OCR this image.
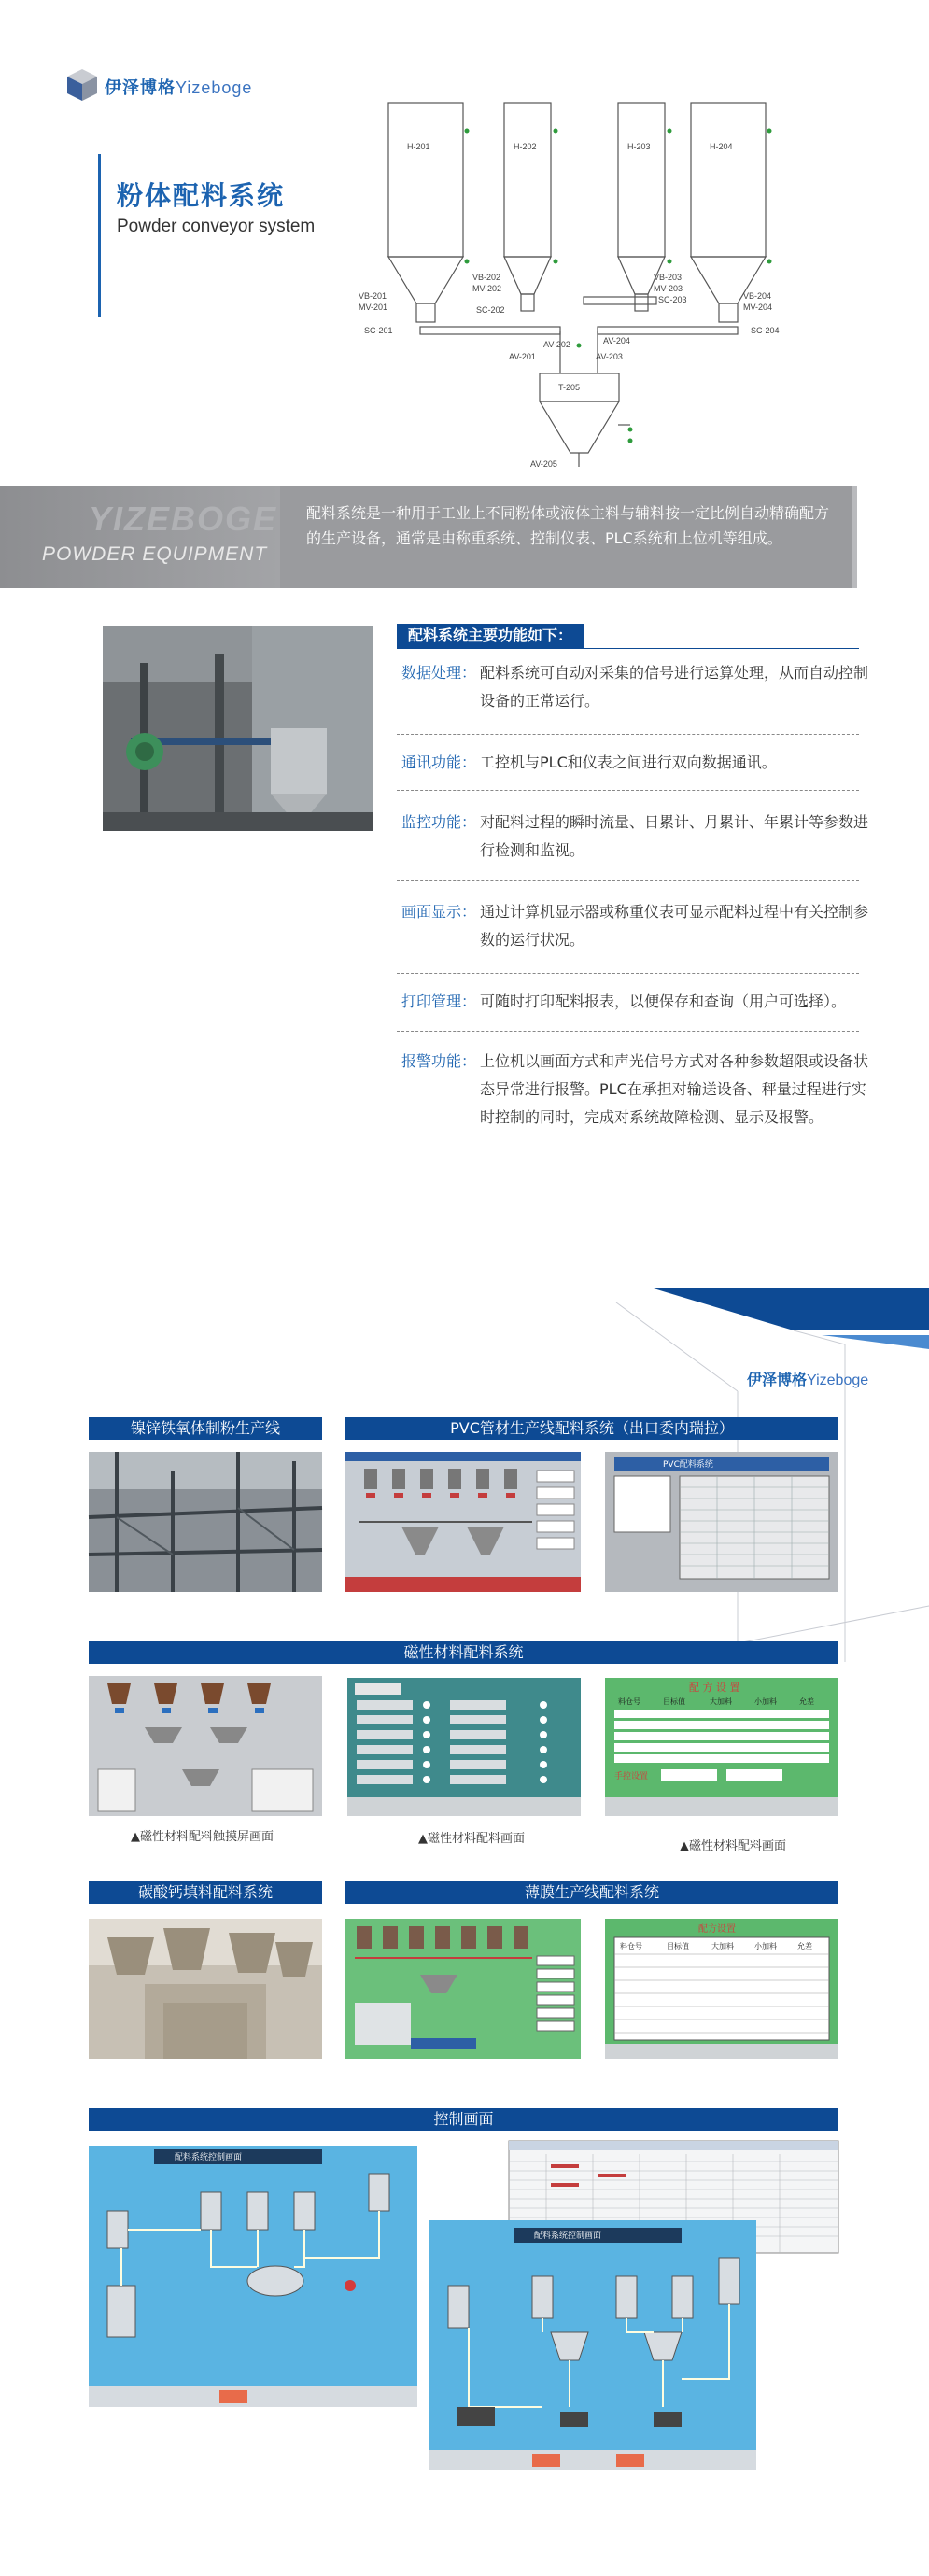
伊泽博格Yizeboge
粉体配料系统
Powder conveyor system
H-201	H-202	H-203	H-204
VB-201
MV-201
SC-201
VB-202
MV-202
SC-202
VB-203
MV-203
SC-203	VB-204
MV-204
SC-204
AV-201
AV-202
AV-203
AV-204
T-205
AV-205
YIZEBOGE
POWDER EQUIPMENT
配料系统是一种用于工业上不同粉体或液体主料与辅料按一定比例自动精确配方的生产设备，通常是由称重系统、控制仪表、PLC系统和上位机等组成。
配料系统主要功能如下：
数据处理： 配料系统可自动对采集的信号进行运算处理，从而自动控制设备的正常运行。
通讯功能： 工控机与PLC和仪表之间进行双向数据通讯。
监控功能： 对配料过程的瞬时流量、日累计、月累计、年累计等参数进行检测和监视。
画面显示： 通过计算机显示器或称重仪表可显示配料过程中有关控制参数的运行状况。
打印管理： 可随时打印配料报表，以便保存和查询（用户可选择）。
报警功能： 上位机以画面方式和声光信号方式对各种参数超限或设备状态异常进行报警。PLC在承担对输送设备、秤量过程进行实时控制的同时，完成对系统故障检测、显示及报警。
伊泽博格Yizeboge
镍锌铁氧体制粉生产线	PVC管材生产线配料系统（出口委内瑞拉）
PVC配料系统
磁性材料配料系统
▲磁性材料配料触摸屏画面	▲磁性材料配料画面
配 方 设 置
料仓号	目标值	大加料	小加料	允差
手控设置
▲磁性材料配料画面
碳酸钙填料配料系统	薄膜生产线配料系统
配方设置
料仓号	目标值	大加料	小加料	允差
控制画面
配料系统控制画面
配料系统控制画面
